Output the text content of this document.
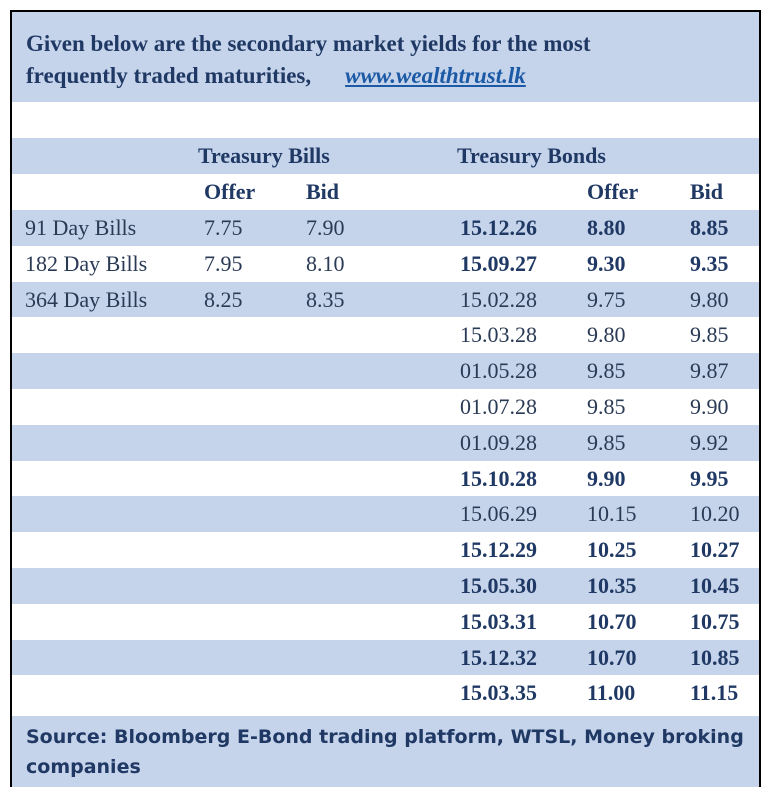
Given below are the secondary market yields for the most
frequently traded maturities, www.wealthtrust.lk
Treasury Bills	Treasury Bonds
Offer Bid	Offer Bid
91 Day Bills	7.75	7.90	15.12.26 8.80	8.85
182 Day Bills	7.95	8.10	15.09.27 9.30	9.35
364 Day Bills	8.25	8.35	15.02.28 9.75	9.80
15.03.28 9.80	9.85
01.05.28 9.85	9.87
01.07.28 9.85	9.90
01.09.28 9.85	9.92
15.10.28 9.90	9.95
15.06.29 10.15 10.20
15.12.29 10.25 10.27
15.05.30 10.35 10.45
15.03.31 10.70 10.75
15.12.32 10.70 10.85
15.03.35 11.00 11.15
Source: Bloomberg E-Bond trading platform, WTSL, Money broking companies
